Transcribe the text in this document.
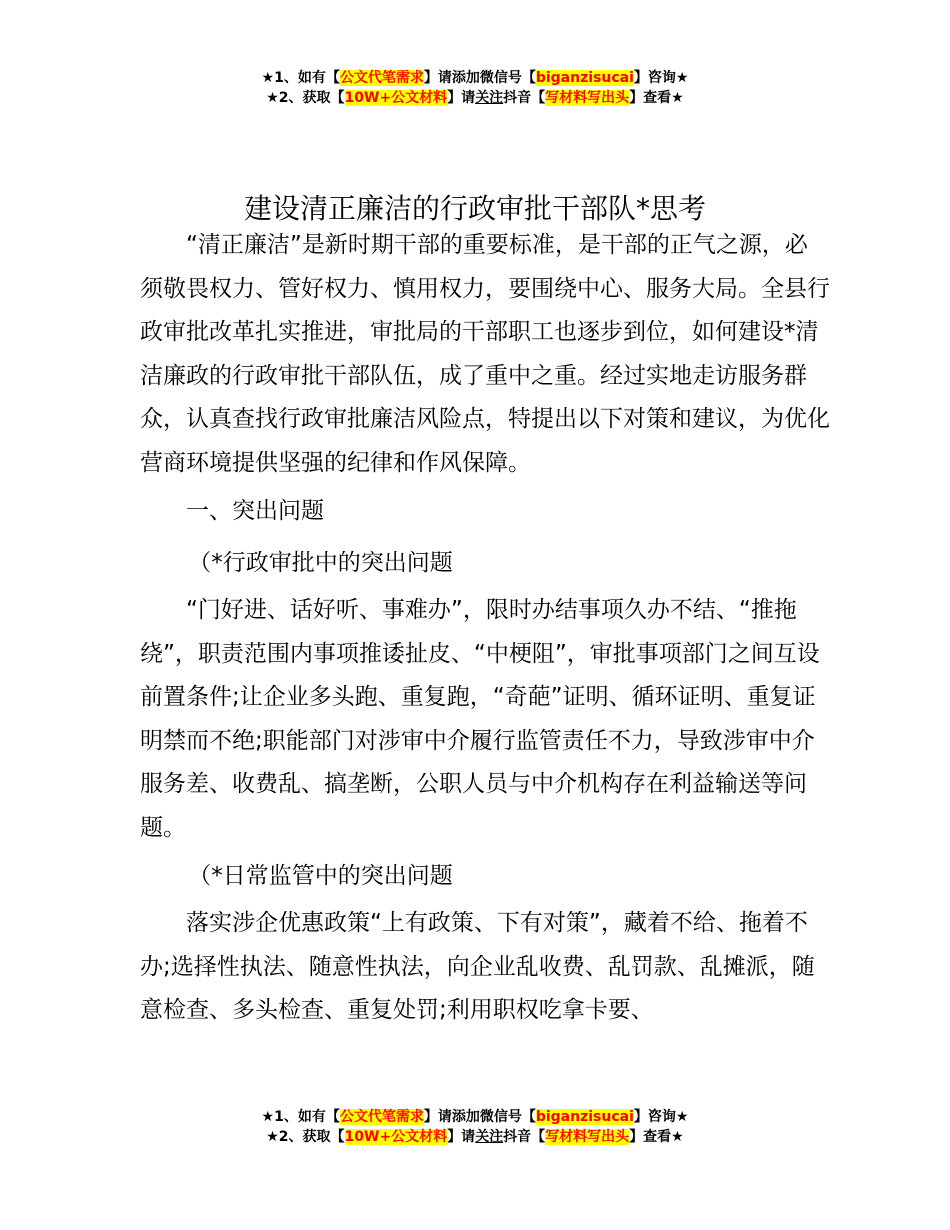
★1、如有【公文代笔需求】请添加微信号【biganzisucai】咨询★
★2、获取【10W+公文材料】请关注抖音【写材料写出头】查看★
建设清正廉洁的行政审批干部队*思考

“清正廉洁”是新时期干部的重要标准，是干部的正气之源，必须敬畏权力、管好权力、慎用权力，要围绕中心、服务大局。全县行政审批改革扎实推进，审批局的干部职工也逐步到位，如何建设*清洁廉政的行政审批干部队伍，成了重中之重。经过实地走访服务群众，认真查找行政审批廉洁风险点，特提出以下对策和建议，为优化营商环境提供坚强的纪律和作风保障。

一、突出问题

（*行政审批中的突出问题

“门好进、话好听、事难办”，限时办结事项久办不结、“推拖绕”，职责范围内事项推诿扯皮、“中梗阻”，审批事项部门之间互设前置条件;让企业多头跑、重复跑，“奇葩”证明、循环证明、重复证明禁而不绝;职能部门对涉审中介履行监管责任不力，导致涉审中介服务差、收费乱、搞垄断，公职人员与中介机构存在利益输送等问题。

（*日常监管中的突出问题

落实涉企优惠政策“上有政策、下有对策”，藏着不给、拖着不办;选择性执法、随意性执法，向企业乱收费、乱罚款、乱摊派，随意检查、多头检查、重复处罚;利用职权吃拿卡要、

★1、如有【公文代笔需求】请添加微信号【biganzisucai】咨询★
★2、获取【10W+公文材料】请关注抖音【写材料写出头】查看★
